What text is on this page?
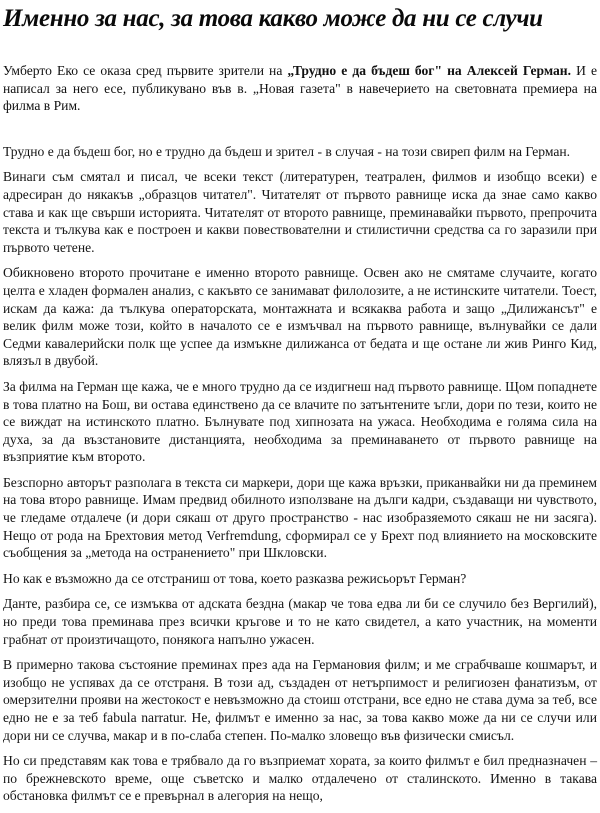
Именно за нас, за това какво може да ни се случи

Умберто Еко се оказа сред първите зрители на „Трудно е да бъдеш бог" на Алексей Герман. И е написал за него есе, публикувано във в. „Новая газета" в навечерието на световната премиера на филма в Рим.

Трудно е да бъдеш бог, но е трудно да бъдеш и зрител - в случая - на този свиреп филм на Герман.

Винаги съм смятал и писал, че всеки текст (литературен, театрален, филмов и изобщо всеки) е адресиран до някакъв „образцов читател". Читателят от първото равнище иска да знае само какво става и как ще свърши историята. Читателят от второто равнище, преминавайки първото, препрочита текста и тълкува как е построен и какви повествователни и стилистични средства са го заразили при първото четене.

Обикновено второто прочитане е именно второто равнище. Освен ако не смятаме случаите, когато целта е хладен формален анализ, с какъвто се занимават филолозите, а не истинските читатели. Тоест, искам да кажа: да тълкува операторската, монтажната и всякаква работа и защо „Дилижансът" е велик филм може този, който в началото се е измъчвал на първото равнище, вълнувайки се дали Седми кавалерийски полк ще успее да измъкне дилижанса от бедата и ще остане ли жив Ринго Кид, влязъл в двубой.

За филма на Герман ще кажа, че е много трудно да се издигнеш над първото равнище. Щом попаднете в това платно на Бош, ви остава единствено да се влачите по затънтените ъгли, дори по тези, които не се виждат на истинското платно. Бълнувате под хипнозата на ужаса. Необходима е голяма сила на духа, за да възстановите дистанцията, необходима за преминаването от първото равнище на възприятие към второто.

Безспорно авторът разполага в текста си маркери, дори ще кажа връзки, приканвайки ни да преминем на това второ равнище. Имам предвид обилното използване на дълги кадри, създаващи ни чувството, че гледаме отдалече (и дори сякаш от друго пространство - нас изобразяемото сякаш не ни засяга). Нещо от рода на Брехтовия метод Verfremdung, сформирал се у Брехт под влиянието на московските съобщения за „метода на остранението" при Шкловски.

Но как е възможно да се отстраниш от това, което разказва режисьорът Герман?

Данте, разбира се, се измъква от адската бездна (макар че това едва ли би се случило без Вергилий), но преди това преминава през всички кръгове и то не като свидетел, а като участник, на моменти грабнат от произтичащото, понякога напълно ужасен.

В примерно такова състояние преминах през ада на Германовия филм; и ме сграбчваше кошмарът, и изобщо не успявах да се отстраня. В този ад, създаден от нетърпимост и религиозен фанатизъм, от омерзителни прояви на жестокост е невъзможно да стоиш отстрани, все едно не става дума за теб, все едно не е за теб fabula narratur. Не, филмът е именно за нас, за това какво може да ни се случи или дори ни се случва, макар и в по-слаба степен. По-малко зловещо във физически смисъл.

Но си представям как това е трябвало да го възприемат хората, за които филмът е бил предназначен – по брежневското време, още съветско и малко отдалечено от сталинското. Именно в такава обстановка филмът се е превърнал в алегория на нещо,
